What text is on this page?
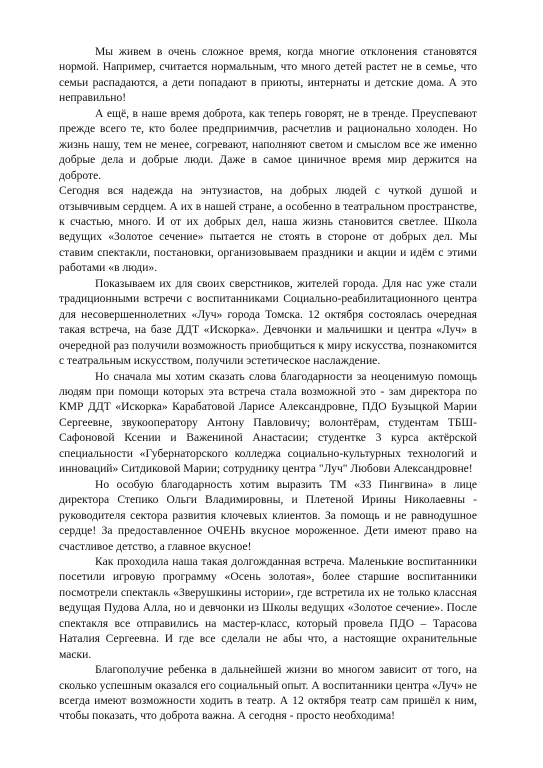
Мы живем в очень сложное время, когда многие отклонения становятся нормой. Например, считается нормальным, что много детей растет не в семье, что семьи распадаются, а дети попадают в приюты, интернаты и детские дома. А это неправильно!

А ещё, в наше время доброта, как теперь говорят, не в тренде. Преуспевают прежде всего те, кто более предприимчив, расчетлив и рационально холоден. Но жизнь нашу, тем не менее, согревают, наполняют светом и смыслом все же именно добрые дела и добрые люди. Даже в самое циничное время мир держится на доброте.

Сегодня вся надежда на энтузиастов, на добрых людей с чуткой душой и отзывчивым сердцем. А их в нашей стране, а особенно в театральном пространстве, к счастью, много. И от их добрых дел, наша жизнь становится светлее. Школа ведущих «Золотое сечение» пытается не стоять в стороне от добрых дел. Мы ставим спектакли, постановки, организовываем праздники и акции и идём с этими работами «в люди».

Показываем их для своих сверстников, жителей города. Для нас уже стали традиционными встречи с воспитанниками Социально-реабилитационного центра для несовершеннолетних «Луч» города Томска. 12 октября состоялась очередная такая встреча, на базе ДДТ «Искорка». Девчонки и мальчишки и центра «Луч» в очередной раз получили возможность приобщиться к миру искусства, познакомится с театральным искусством, получили эстетическое наслаждение.

Но сначала мы хотим сказать слова благодарности за неоценимую помощь людям при помощи которых эта встреча стала возможной это - зам директора по КМР ДДТ «Искорка» Карабатовой Ларисе Александровне, ПДО Бузыцкой Марии Сергеевне, звукооператору Антону Павловичу; волонтёрам, студентам ТБШ-Сафоновой Ксении и Важениной Анастасии; студентке 3 курса актёрской специальности «Губернаторского колледжа социально-культурных технологий и инноваций» Ситдиковой Марии; сотруднику центра "Луч" Любови Александровне!

Но особую благодарность хотим выразить ТМ «33 Пингвина» в лице директора Степико Ольги Владимировны, и Плетеной Ирины Николаевны - руководителя сектора развития клочевых клиентов. За помощь и не равнодушное сердце! За предоставленное ОЧЕНЬ вкусное мороженное. Дети имеют право на счастливое детство, а главное вкусное!

Как проходила наша такая долгожданная встреча. Маленькие воспитанники посетили игровую программу «Осень золотая», более старшие воспитанники посмотрели спектакль «Зверушкины истории», где встретила их не только классная ведущая Пудова Алла, но и девчонки из Школы ведущих «Золотое сечение». После спектакля все отправились на мастер-класс, который провела ПДО – Тарасова Наталия Сергеевна. И где все сделали не абы что, а настоящие охранительные маски.

Благополучие ребенка в дальнейшей жизни во многом зависит от того, на сколько успешным оказался его социальный опыт. А воспитанники центра «Луч» не всегда имеют возможности ходить в театр. А 12 октября театр сам пришёл к ним, чтобы показать, что доброта важна. А сегодня - просто необходима!
